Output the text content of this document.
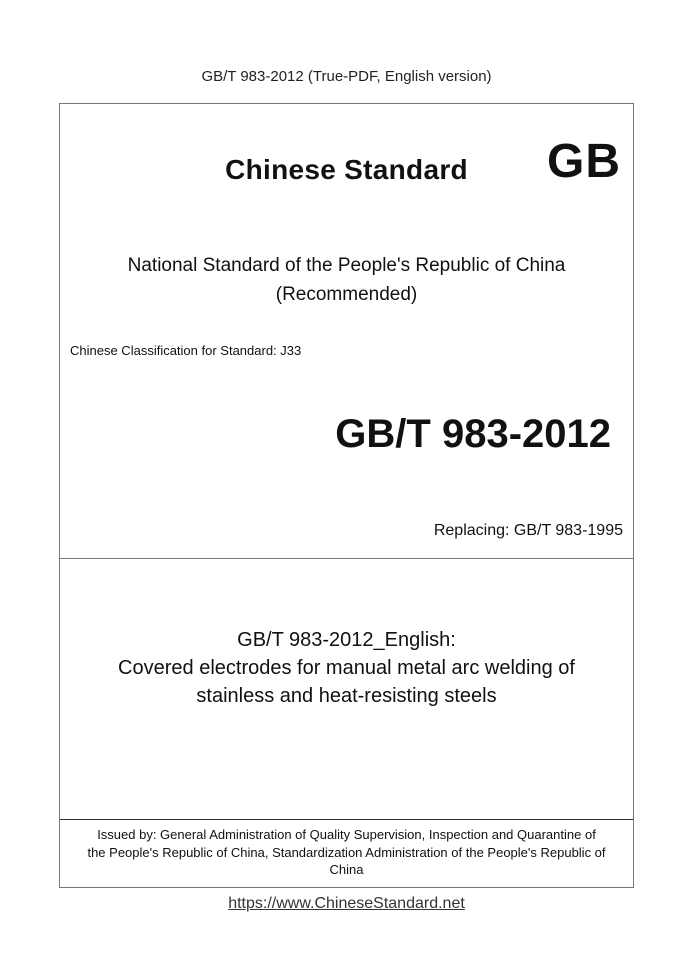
GB/T 983-2012 (True-PDF, English version)
Chinese Standard	GB
National Standard of the People's Republic of China
(Recommended)
Chinese Classification for Standard: J33
GB/T 983-2012
Replacing: GB/T 983-1995
GB/T 983-2012_English:
Covered electrodes for manual metal arc welding of
stainless and heat-resisting steels
Issued by: General Administration of Quality Supervision, Inspection and Quarantine of
the People's Republic of China, Standardization Administration of the People's Republic of
China
https://www.ChineseStandard.net
